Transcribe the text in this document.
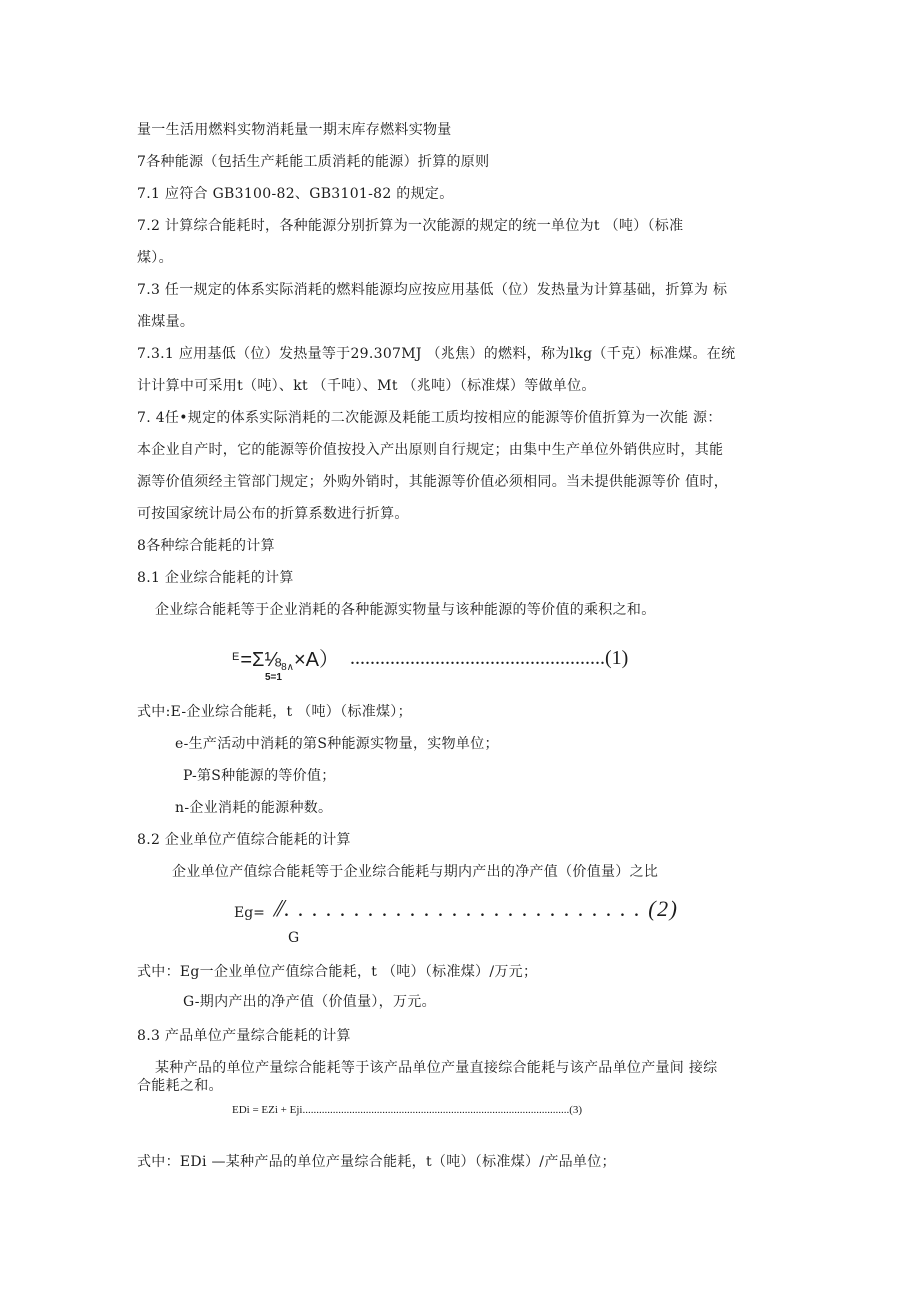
量一生活用燃料实物消耗量一期末库存燃料实物量
7各种能源（包括生产耗能工质消耗的能源）折算的原则
7.1 应符合 GB3100-82、GB3101-82 的规定。
7.2 计算综合能耗时，各种能源分别折算为一次能源的规定的统一单位为t （吨）（标准
煤）。
7.3 任一规定的体系实际消耗的燃料能源均应按应用基低（位）发热量为计算基础，折算为 标
准煤量。
7.3.1 应用基低（位）发热量等于29.307MJ （兆焦）的燃料，称为lkg（千克）标准煤。在统
计计算中可采用t（吨）、kt （千吨）、Mt （兆吨）（标准煤）等做单位。
7. 4任•规定的体系实际消耗的二次能源及耗能工质均按相应的能源等价值折算为一次能 源：
本企业自产时，它的能源等价值按投入产出原则自行规定；由集中生产单位外销供应时，其能
源等价值须经主管部门规定；外购外销时，其能源等价值必须相同。当未提供能源等价 值时，
可按国家统计局公布的折算系数进行折算。
8各种综合能耗的计算
8.1 企业综合能耗的计算
企业综合能耗等于企业消耗的各种能源实物量与该种能源的等价值的乘积之和。
$^E=\Sigma\frac{1}{8}_{8\wedge}\times A$）
5=1
...................................................(1)
式中:E-企业综合能耗，t （吨）（标准煤）；
e-生产活动中消耗的第S种能源实物量，实物单位；
P-第S种能源的等价值；
n-企业消耗的能源种数。
8.2 企业单位产值综合能耗的计算
企业单位产值综合能耗等于企业综合能耗与期内产出的净产值（价值量）之比
Eg= ⫽. . . . . . . . . . . . . . . . . . . . . . . . . . (2)
G
式中：Eg一企业单位产值综合能耗，t （吨）（标准煤）/万元；
G-期内产出的净产值（价值量），万元。
8.3 产品单位产量综合能耗的计算
某种产品的单位产量综合能耗等于该产品单位产量直接综合能耗与该产品单位产量间 接综
合能耗之和。
EDi = EZi + Eji.................................................................................................(3)
式中：EDi —某种产品的单位产量综合能耗，t（吨）（标准煤）/产品单位；
